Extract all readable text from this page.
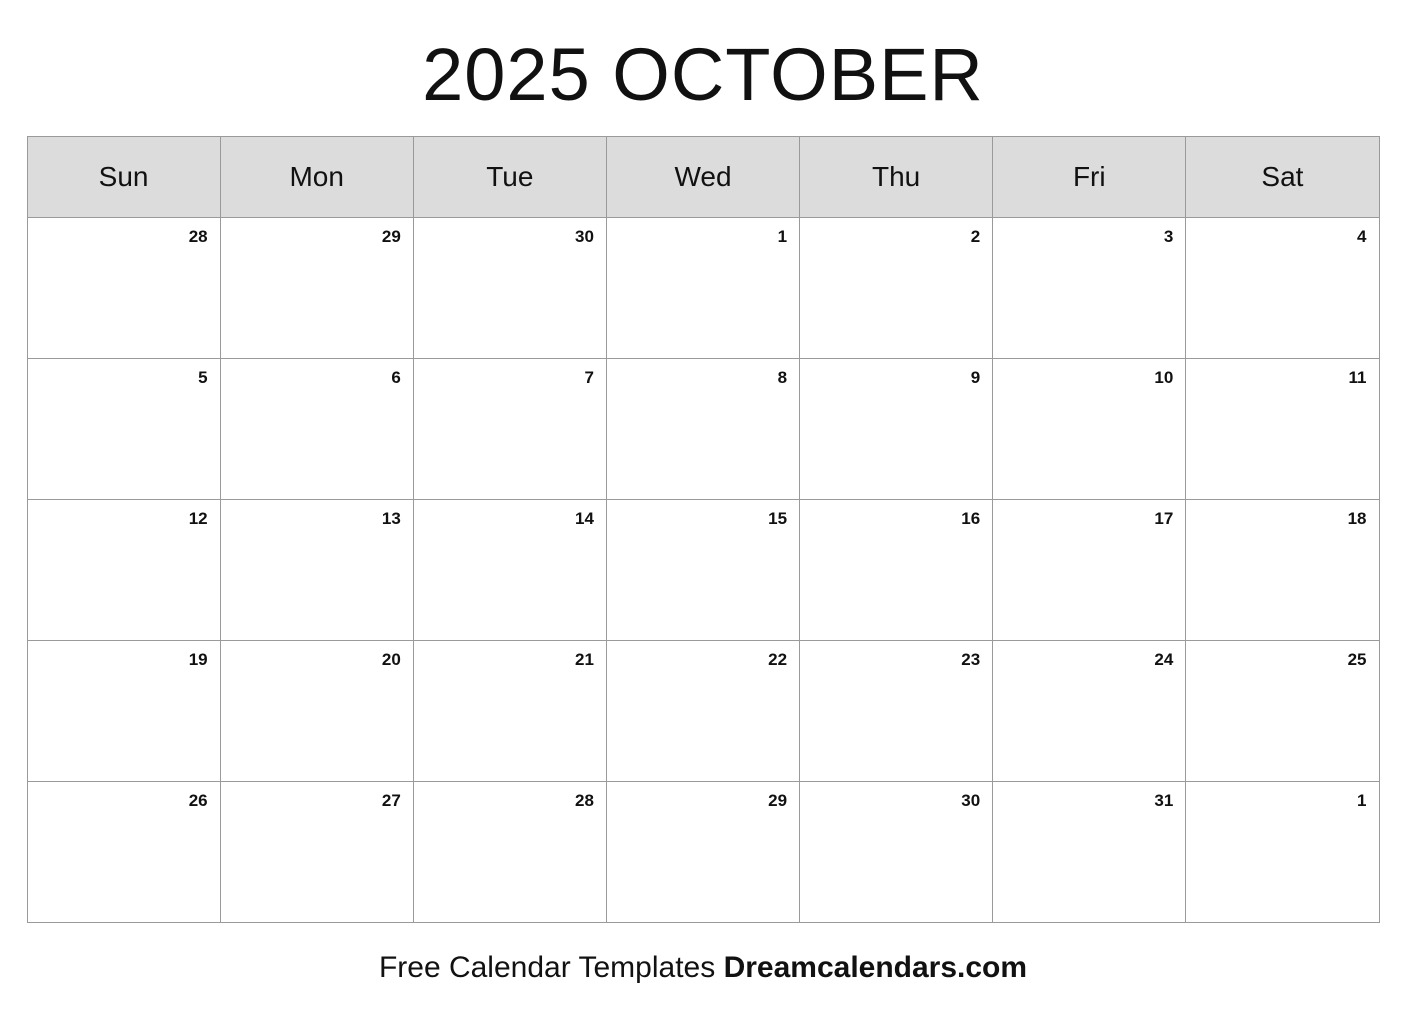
2025 OCTOBER
Sun	Mon	Tue	Wed	Thu	Fri	Sat

28	29	30	1	2	3	4

5	6	7	8	9	10	11

12	13	14	15	16	17	18

19	20	21	22	23	24	25

26	27	28	29	30	31	1
Free Calendar Templates Dreamcalendars.com
